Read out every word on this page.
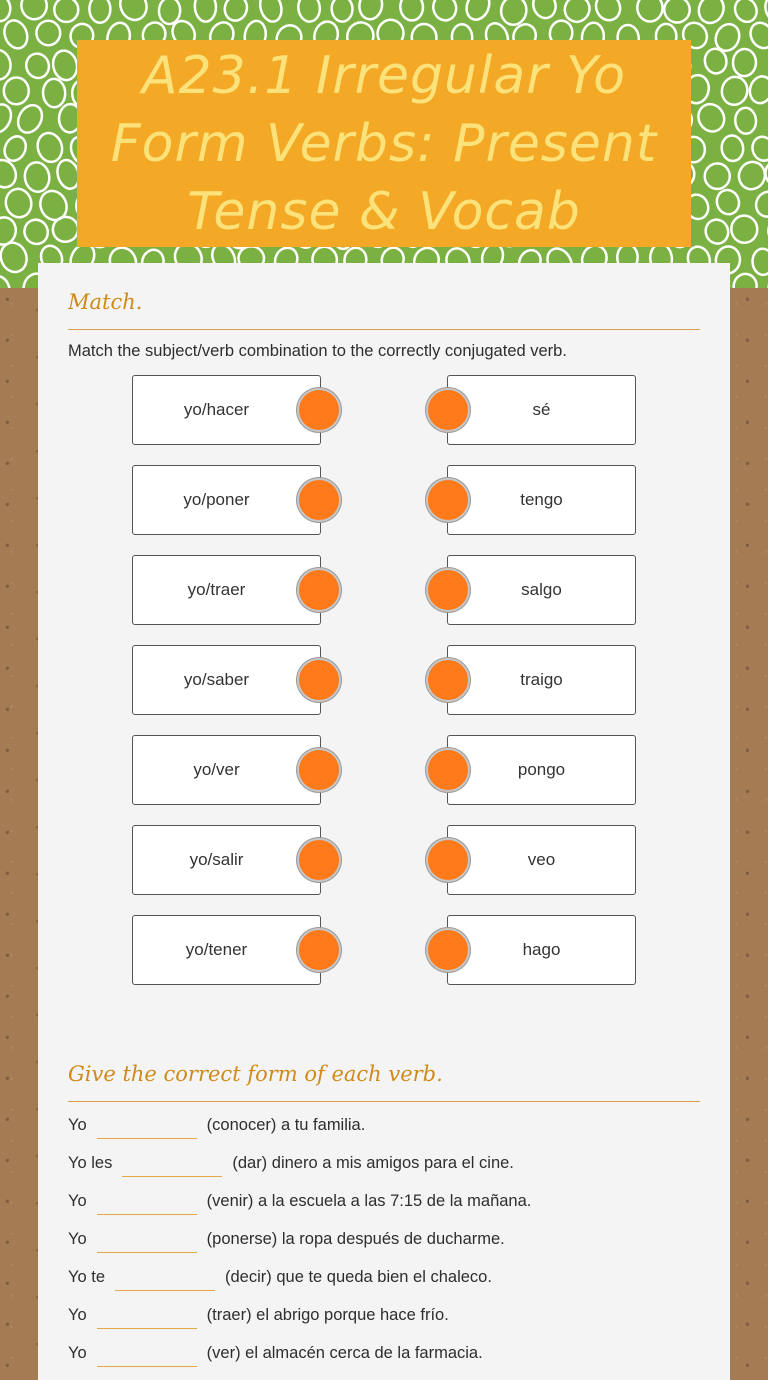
A23.1 Irregular Yo Form Verbs: Present Tense & Vocab
Match.
Match the subject/verb combination to the correctly conjugated verb.
yo/hacer	sé
yo/poner	tengo
yo/traer	salgo
yo/saber	traigo
yo/ver	pongo
yo/salir	veo
yo/tener	hago
Give the correct form of each verb.
Yo	(conocer) a tu familia.
Yo les	(dar) dinero a mis amigos para el cine.
Yo	(venir) a la escuela a las 7:15 de la mañana.
Yo	(ponerse) la ropa después de ducharme.
Yo te	(decir) que te queda bien el chaleco.
Yo	(traer) el abrigo porque hace frío.
Yo	(ver) el almacén cerca de la farmacia.
